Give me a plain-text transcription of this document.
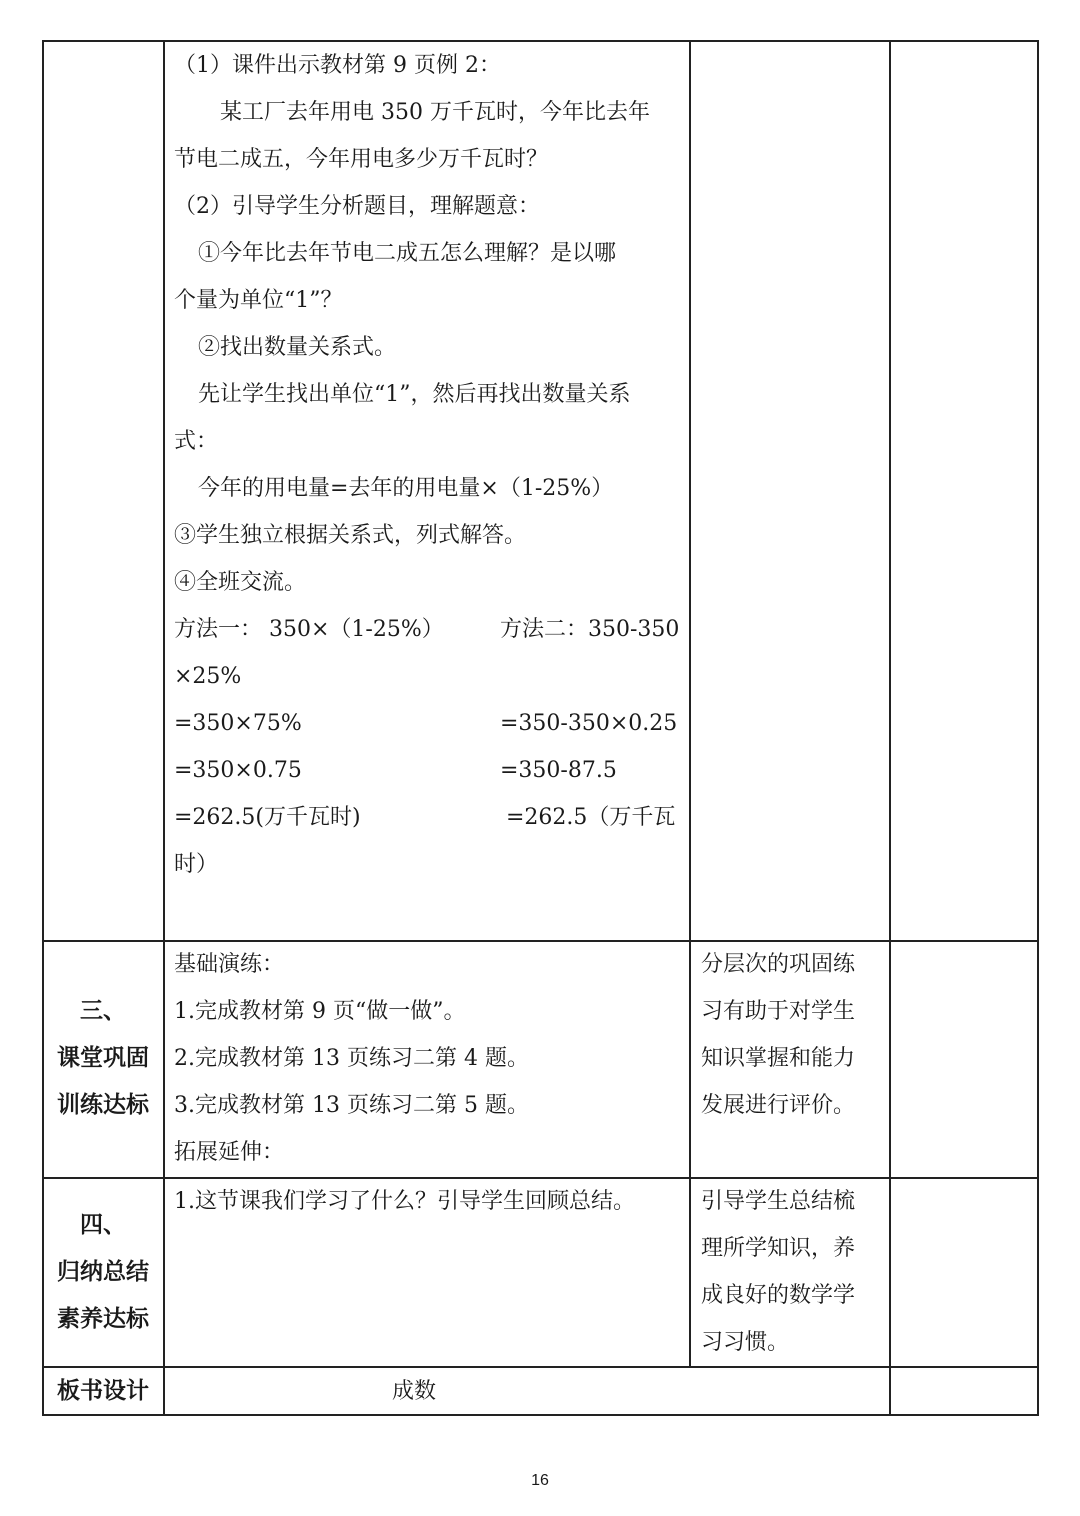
（1）课件出示教材第 9 页例 2：
某工厂去年用电 350 万千瓦时，今年比去年
节电二成五，今年用电多少万千瓦时？
（2）引导学生分析题目，理解题意：
①今年比去年节电二成五怎么理解？是以哪
个量为单位“1”？
②找出数量关系式。
先让学生找出单位“1”，然后再找出数量关系
式：
今年的用电量=去年的用电量×（1-25%）
③学生独立根据关系式，列式解答。
④全班交流。
方法一： 350×（1-25%）
×25%
=350×75%
=350×0.75
=262.5(万千瓦时)
时）
方法二：350-350
=350-350×0.25
=350-87.5
=262.5（万千瓦
三、
课堂巩固
训练达标
基础演练：
1.完成教材第 9 页“做一做”。
2.完成教材第 13 页练习二第 4 题。
3.完成教材第 13 页练习二第 5 题。
拓展延伸：
分层次的巩固练
习有助于对学生
知识掌握和能力
发展进行评价。
四、
归纳总结
素养达标
1.这节课我们学习了什么？引导学生回顾总结。	引导学生总结梳
理所学知识，养
成良好的数学学
习习惯。
板书设计	成数
16
